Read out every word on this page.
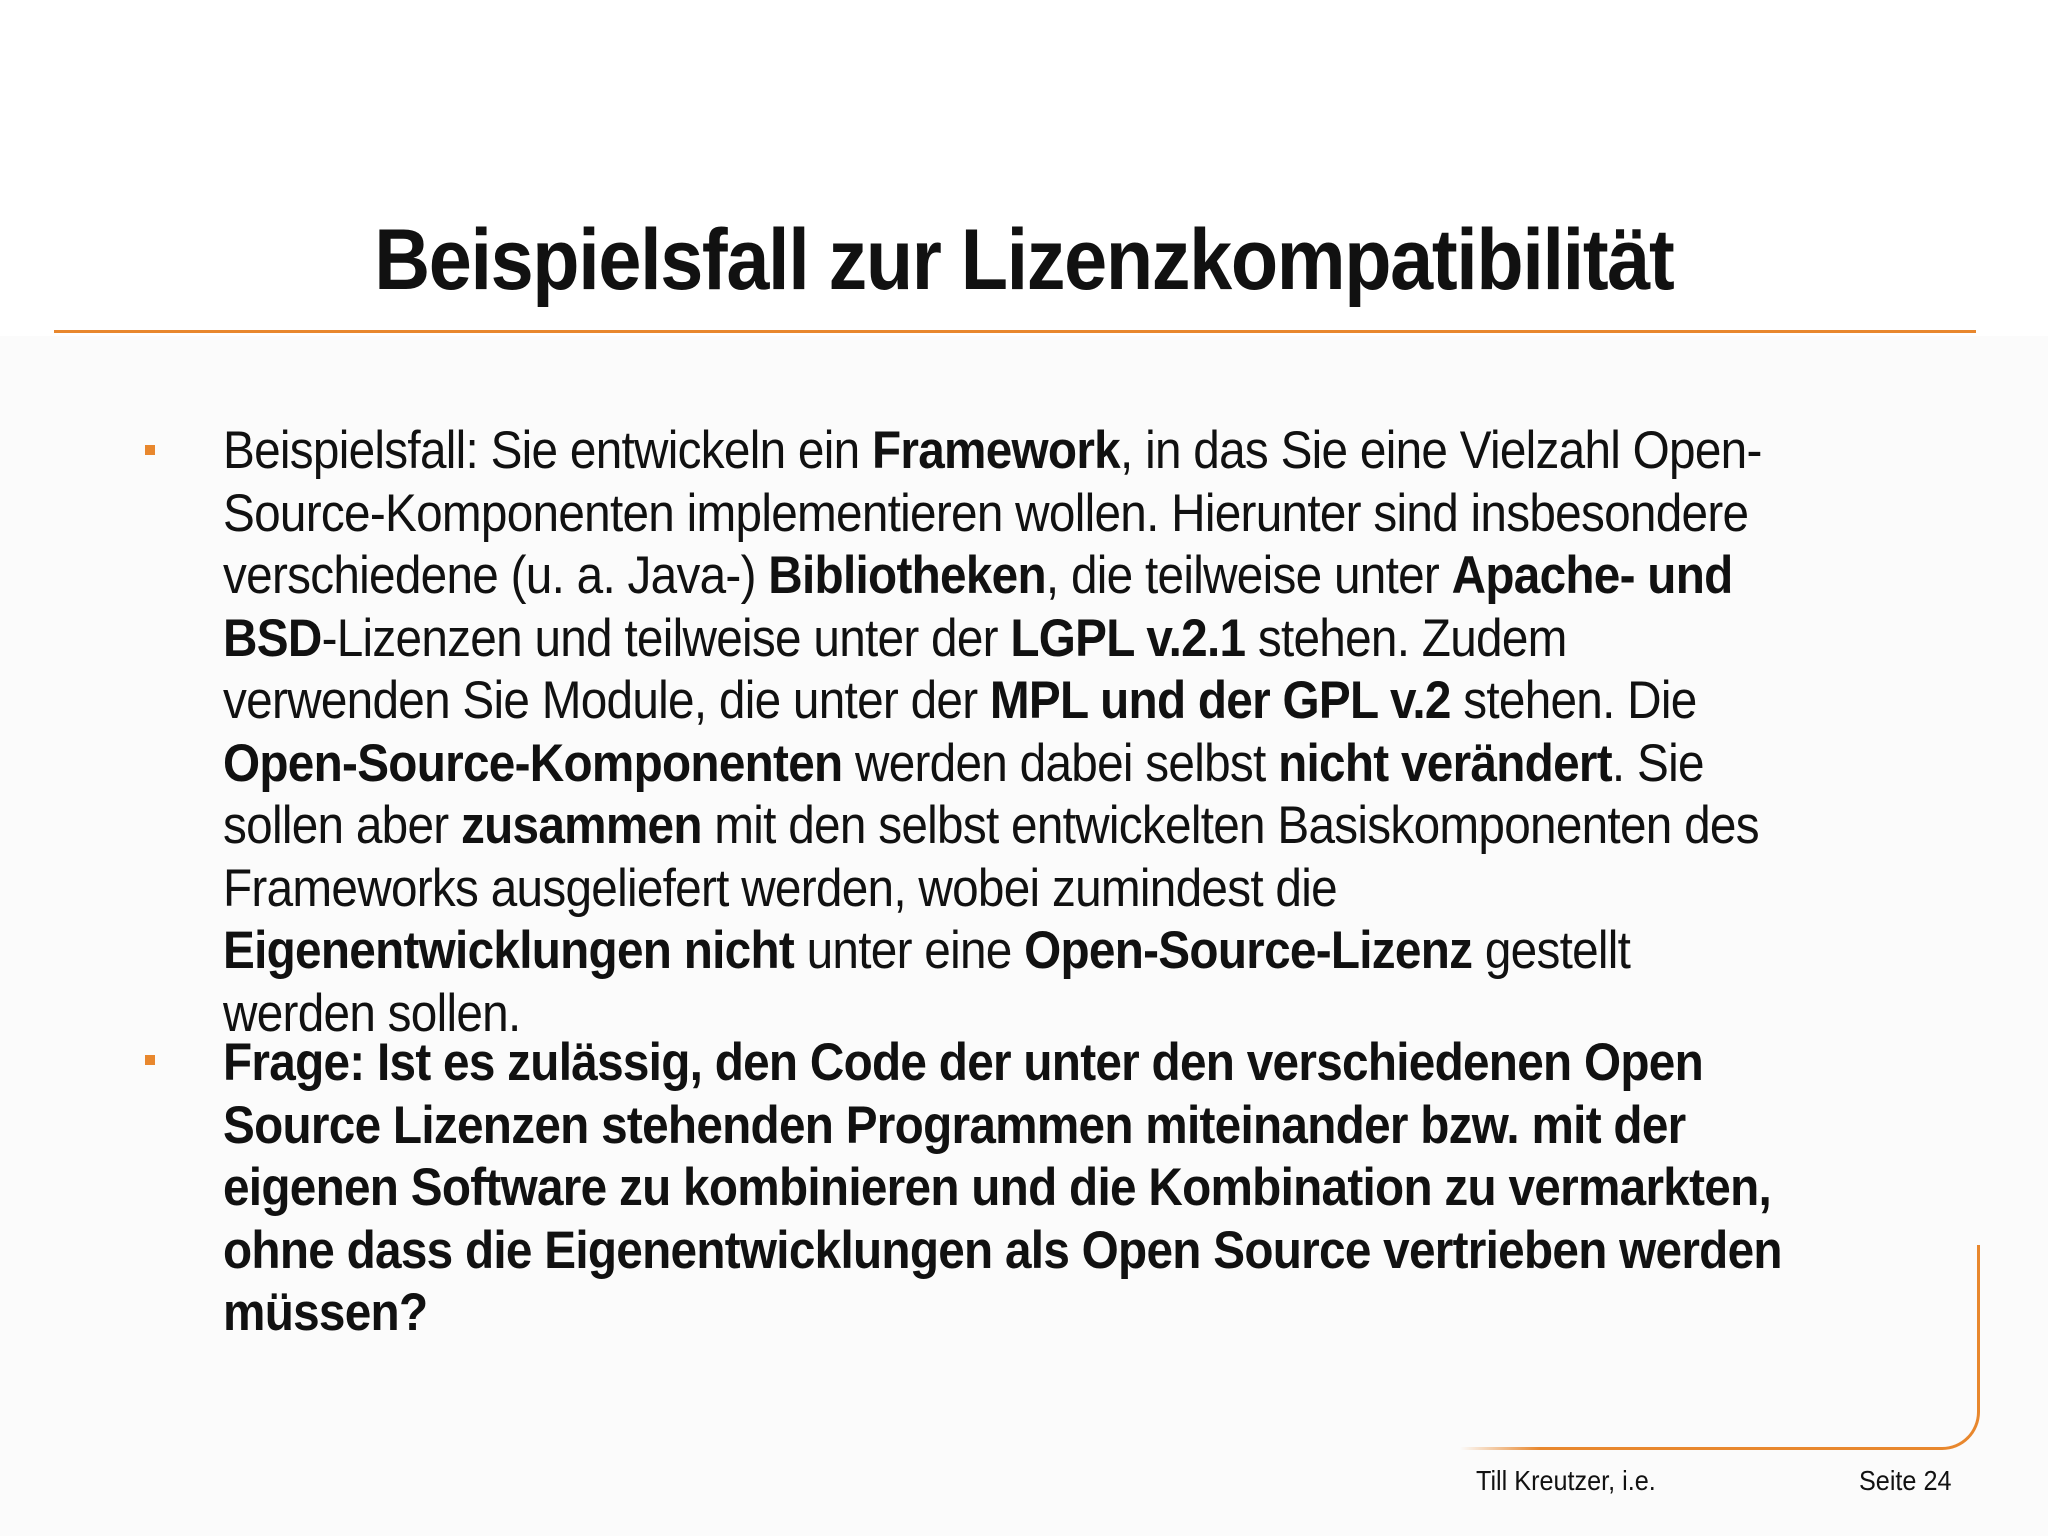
Beispielsfall zur Lizenzkompatibilität
Beispielsfall: Sie entwickeln ein Framework, in das Sie eine Vielzahl Open-Source-Komponenten implementieren wollen. Hierunter sind insbesondere verschiedene (u. a. Java-) Bibliotheken, die teilweise unter Apache- und BSD-Lizenzen und teilweise unter der LGPL v.2.1 stehen. Zudem verwenden Sie Module, die unter der MPL und der GPL v.2 stehen. Die Open-Source-Komponenten werden dabei selbst nicht verändert. Sie sollen aber zusammen mit den selbst entwickelten Basiskomponenten des Frameworks ausgeliefert werden, wobei zumindest die Eigenentwicklungen nicht unter eine Open-Source-Lizenz gestellt werden sollen.
Frage: Ist es zulässig, den Code der unter den verschiedenen Open Source Lizenzen stehenden Programmen miteinander bzw. mit der eigenen Software zu kombinieren und die Kombination zu vermarkten, ohne dass die Eigenentwicklungen als Open Source vertrieben werden müssen?
Till Kreutzer, i.e.	Seite 24
